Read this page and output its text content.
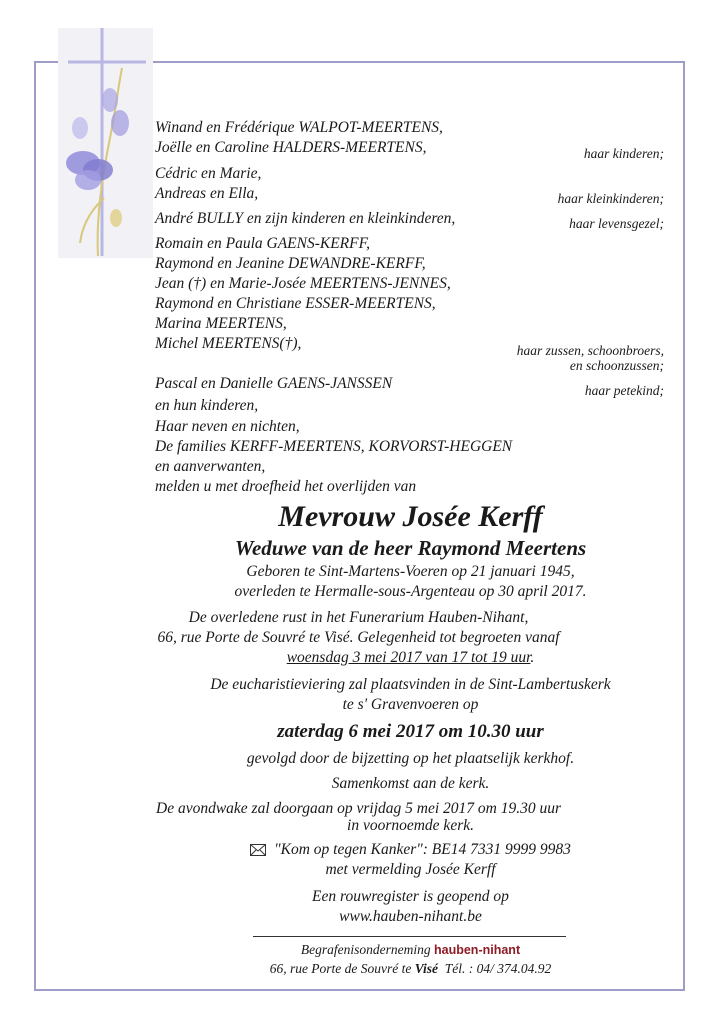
Winand en Frédérique WALPOT-MEERTENS,
Joëlle en Caroline HALDERS-MEERTENS,
Cédric en Marie,
Andreas en Ella,
André BULLY en zijn kinderen en kleinkinderen,
Romain en Paula GAENS-KERFF,
Raymond en Jeanine DEWANDRE-KERFF,
Jean (†) en Marie-Josée MEERTENS-JENNES,
Raymond en Christiane ESSER-MEERTENS,
Marina MEERTENS,
Michel MEERTENS(†),
Pascal en Danielle GAENS-JANSSEN
en hun kinderen,
Haar neven en nichten,
De families KERFF-MEERTENS, KORVORST-HEGGEN
en aanverwanten,
melden u met droefheid het overlijden van
haar kinderen;
haar kleinkinderen;
haar levensgezel;
haar zussen, schoonbroers,
en schoonzussen;
haar petekind;
Mevrouw Josée Kerff
Weduwe van de heer Raymond Meertens
Geboren te Sint-Martens-Voeren op 21 januari 1945,
overleden te Hermalle-sous-Argenteau op 30 april 2017.
De overledene rust in het Funerarium Hauben-Nihant,
66, rue Porte de Souvré te Visé. Gelegenheid tot begroeten vanaf
woensdag 3 mei 2017 van 17 tot 19 uur.
De eucharistieviering zal plaatsvinden in de Sint-Lambertuskerk
te s' Gravenvoeren op
zaterdag 6 mei 2017 om 10.30 uur
gevolgd door de bijzetting op het plaatselijk kerkhof.
Samenkomst aan de kerk.
De avondwake zal doorgaan op vrijdag 5 mei 2017 om 19.30 uur
in voornoemde kerk.
"Kom op tegen Kanker": BE14 7331 9999 9983
met vermelding Josée Kerff
Een rouwregister is geopend op
www.hauben-nihant.be
Begrafenisonderneming hauben-nihant
66, rue Porte de Souvré te Visé Tél. : 04/ 374.04.92
